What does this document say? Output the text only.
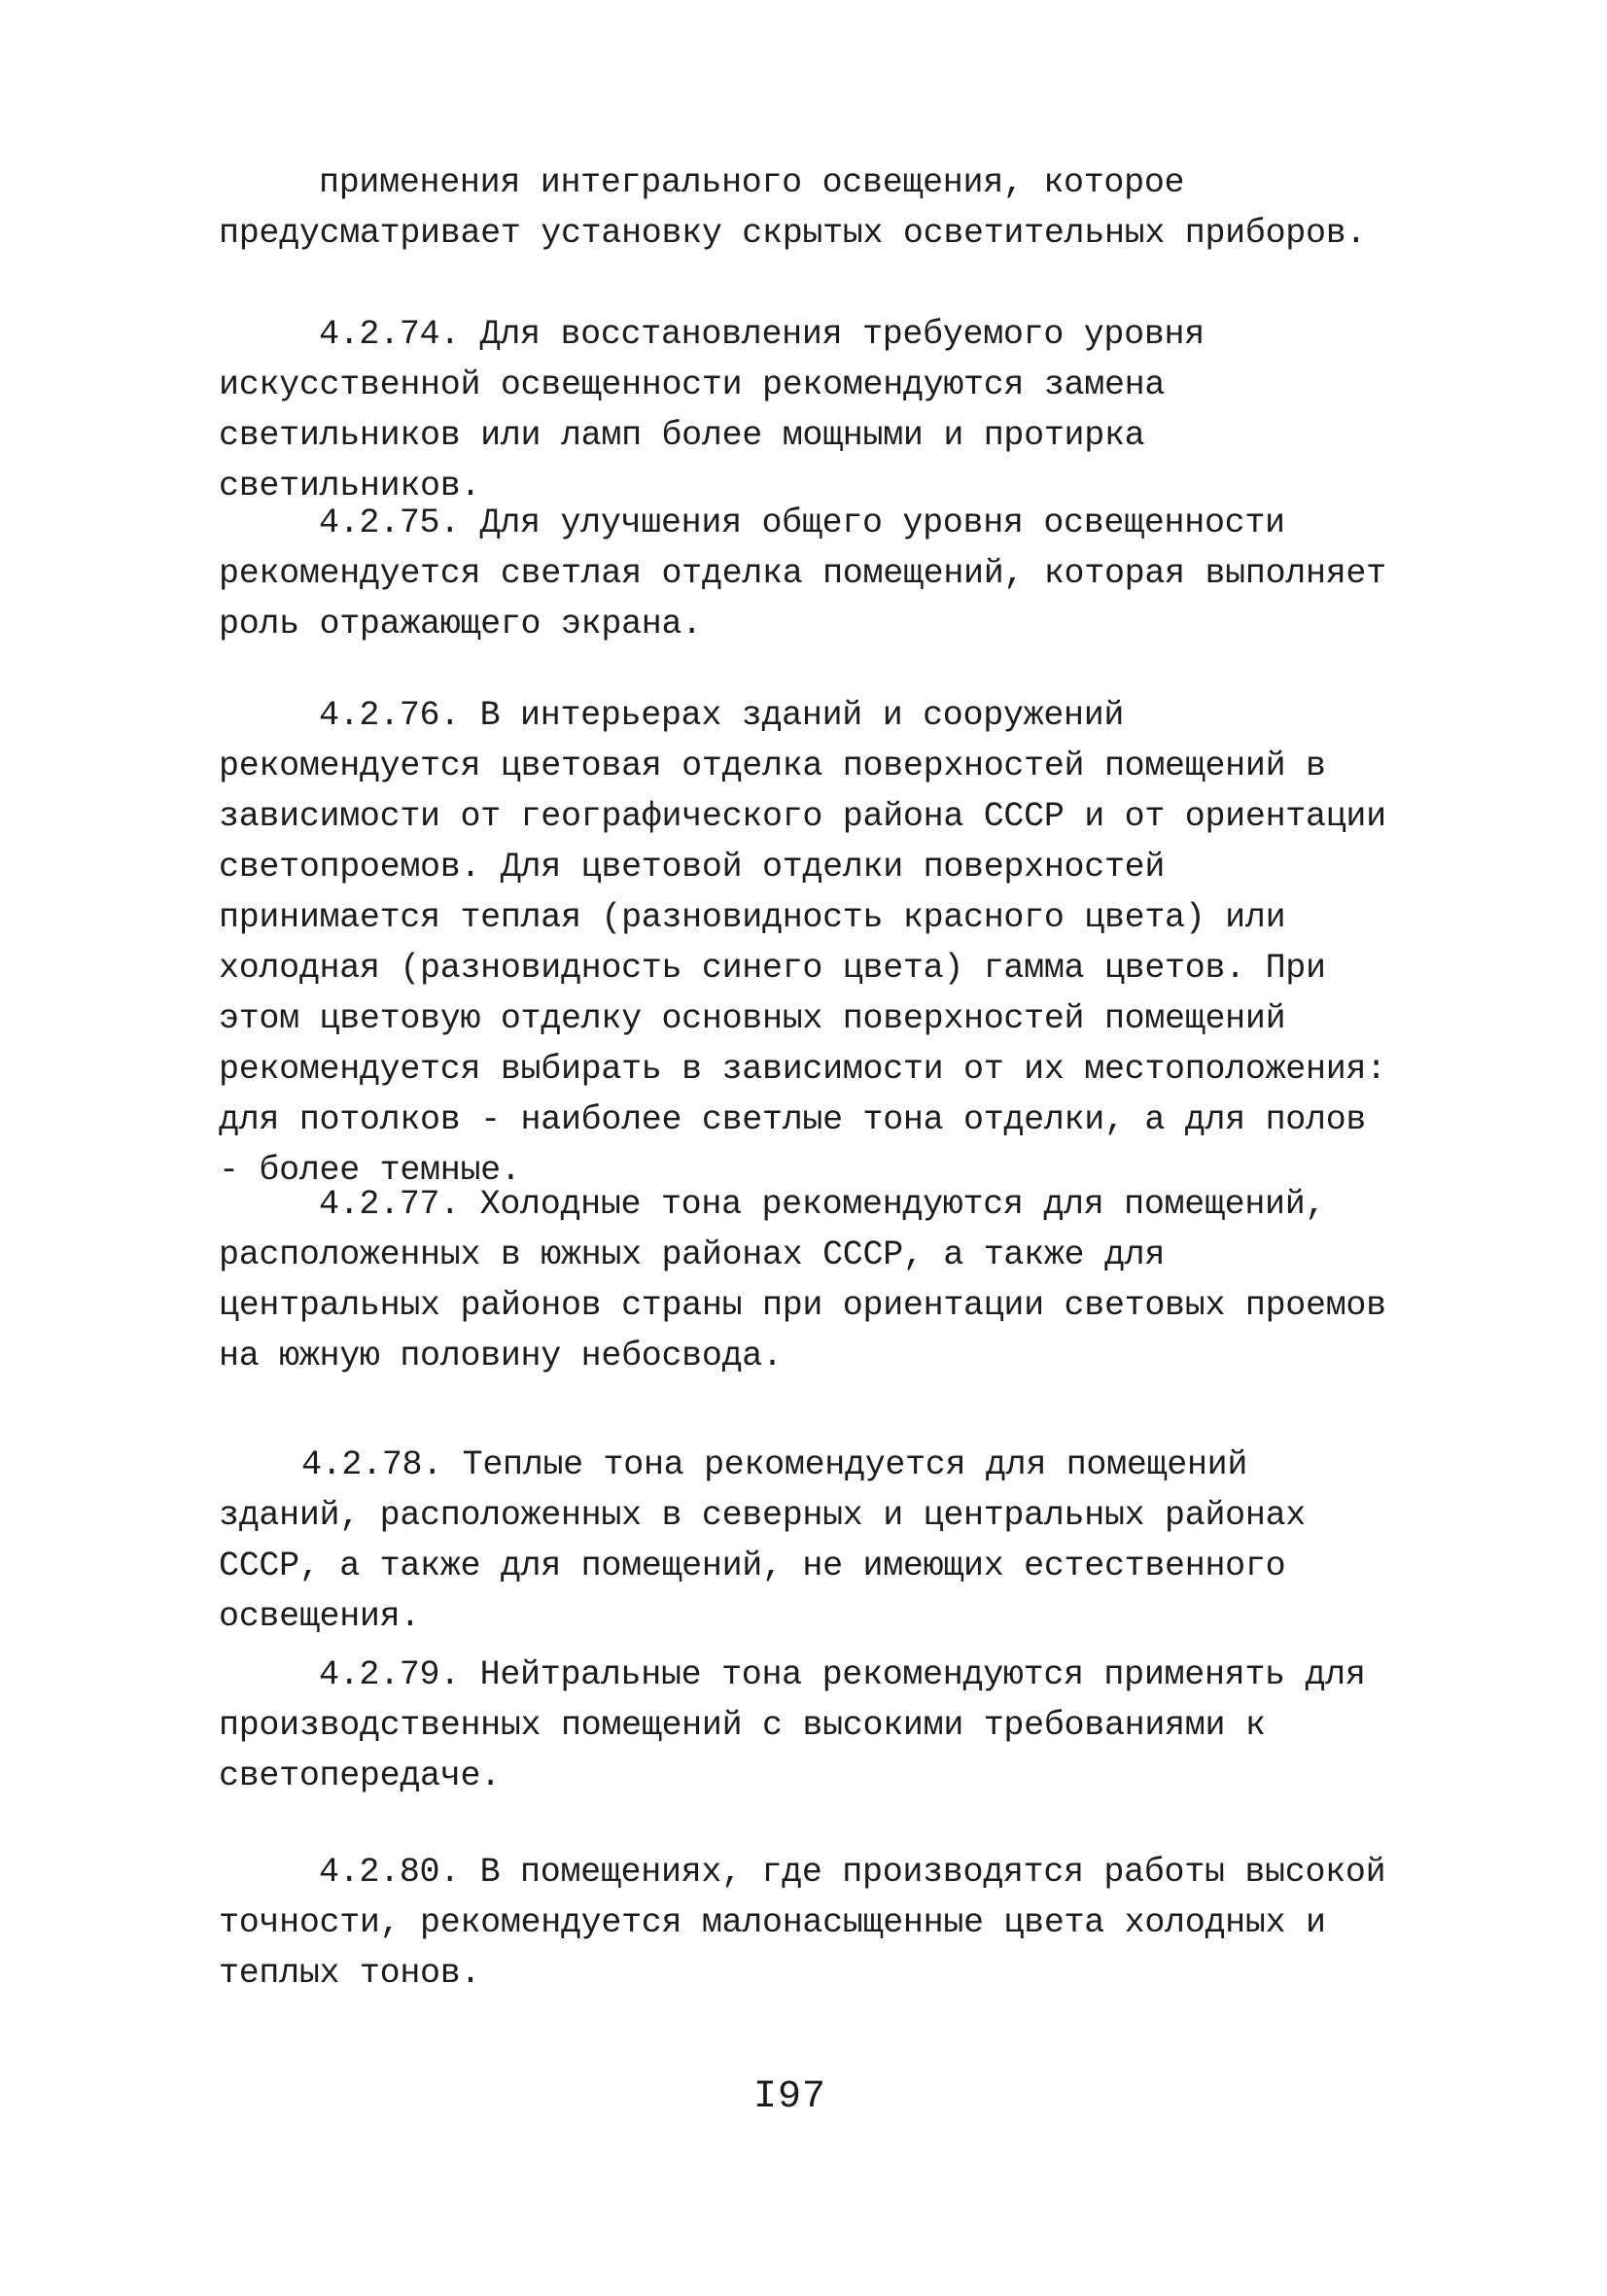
применения интегрального освещения, которое предусматривает установку скрытых осветительных приборов.

4.2.74. Для восстановления требуемого уровня искусственной освещенности рекомендуются замена светильников или ламп более мощными и протирка светильников.

4.2.75. Для улучшения общего уровня освещенности рекомендуется светлая отделка помещений, которая выполняет роль отражающего экрана.

4.2.76. В интерьерах зданий и сооружений рекомендуется цветовая отделка поверхностей помещений в зависимости от географического района СССР и от ориентации светопроемов. Для цветовой отделки поверхностей принимается теплая (разновидность красного цвета) или холодная (разновидность синего цвета) гамма цветов. При этом цветовую отделку основных поверхностей помещений рекомендуется выбирать в зависимости от их местоположения: для потолков - наиболее светлые тона отделки, а для полов - более темные.

4.2.77. Холодные тона рекомендуются для помещений, расположенных в южных районах СССР, а также для центральных районов страны при ориентации световых проемов на южную половину небосвода.

4.2.78. Теплые тона рекомендуется для помещений зданий, расположенных в северных и центральных районах СССР, а также для помещений, не имеющих естественного освещения.

4.2.79. Нейтральные тона рекомендуются применять для производственных помещений с высокими требованиями к светопередаче.

4.2.80. В помещениях, где производятся работы высокой точности, рекомендуется малонасыщенные цвета холодных и теплых тонов.

I97
